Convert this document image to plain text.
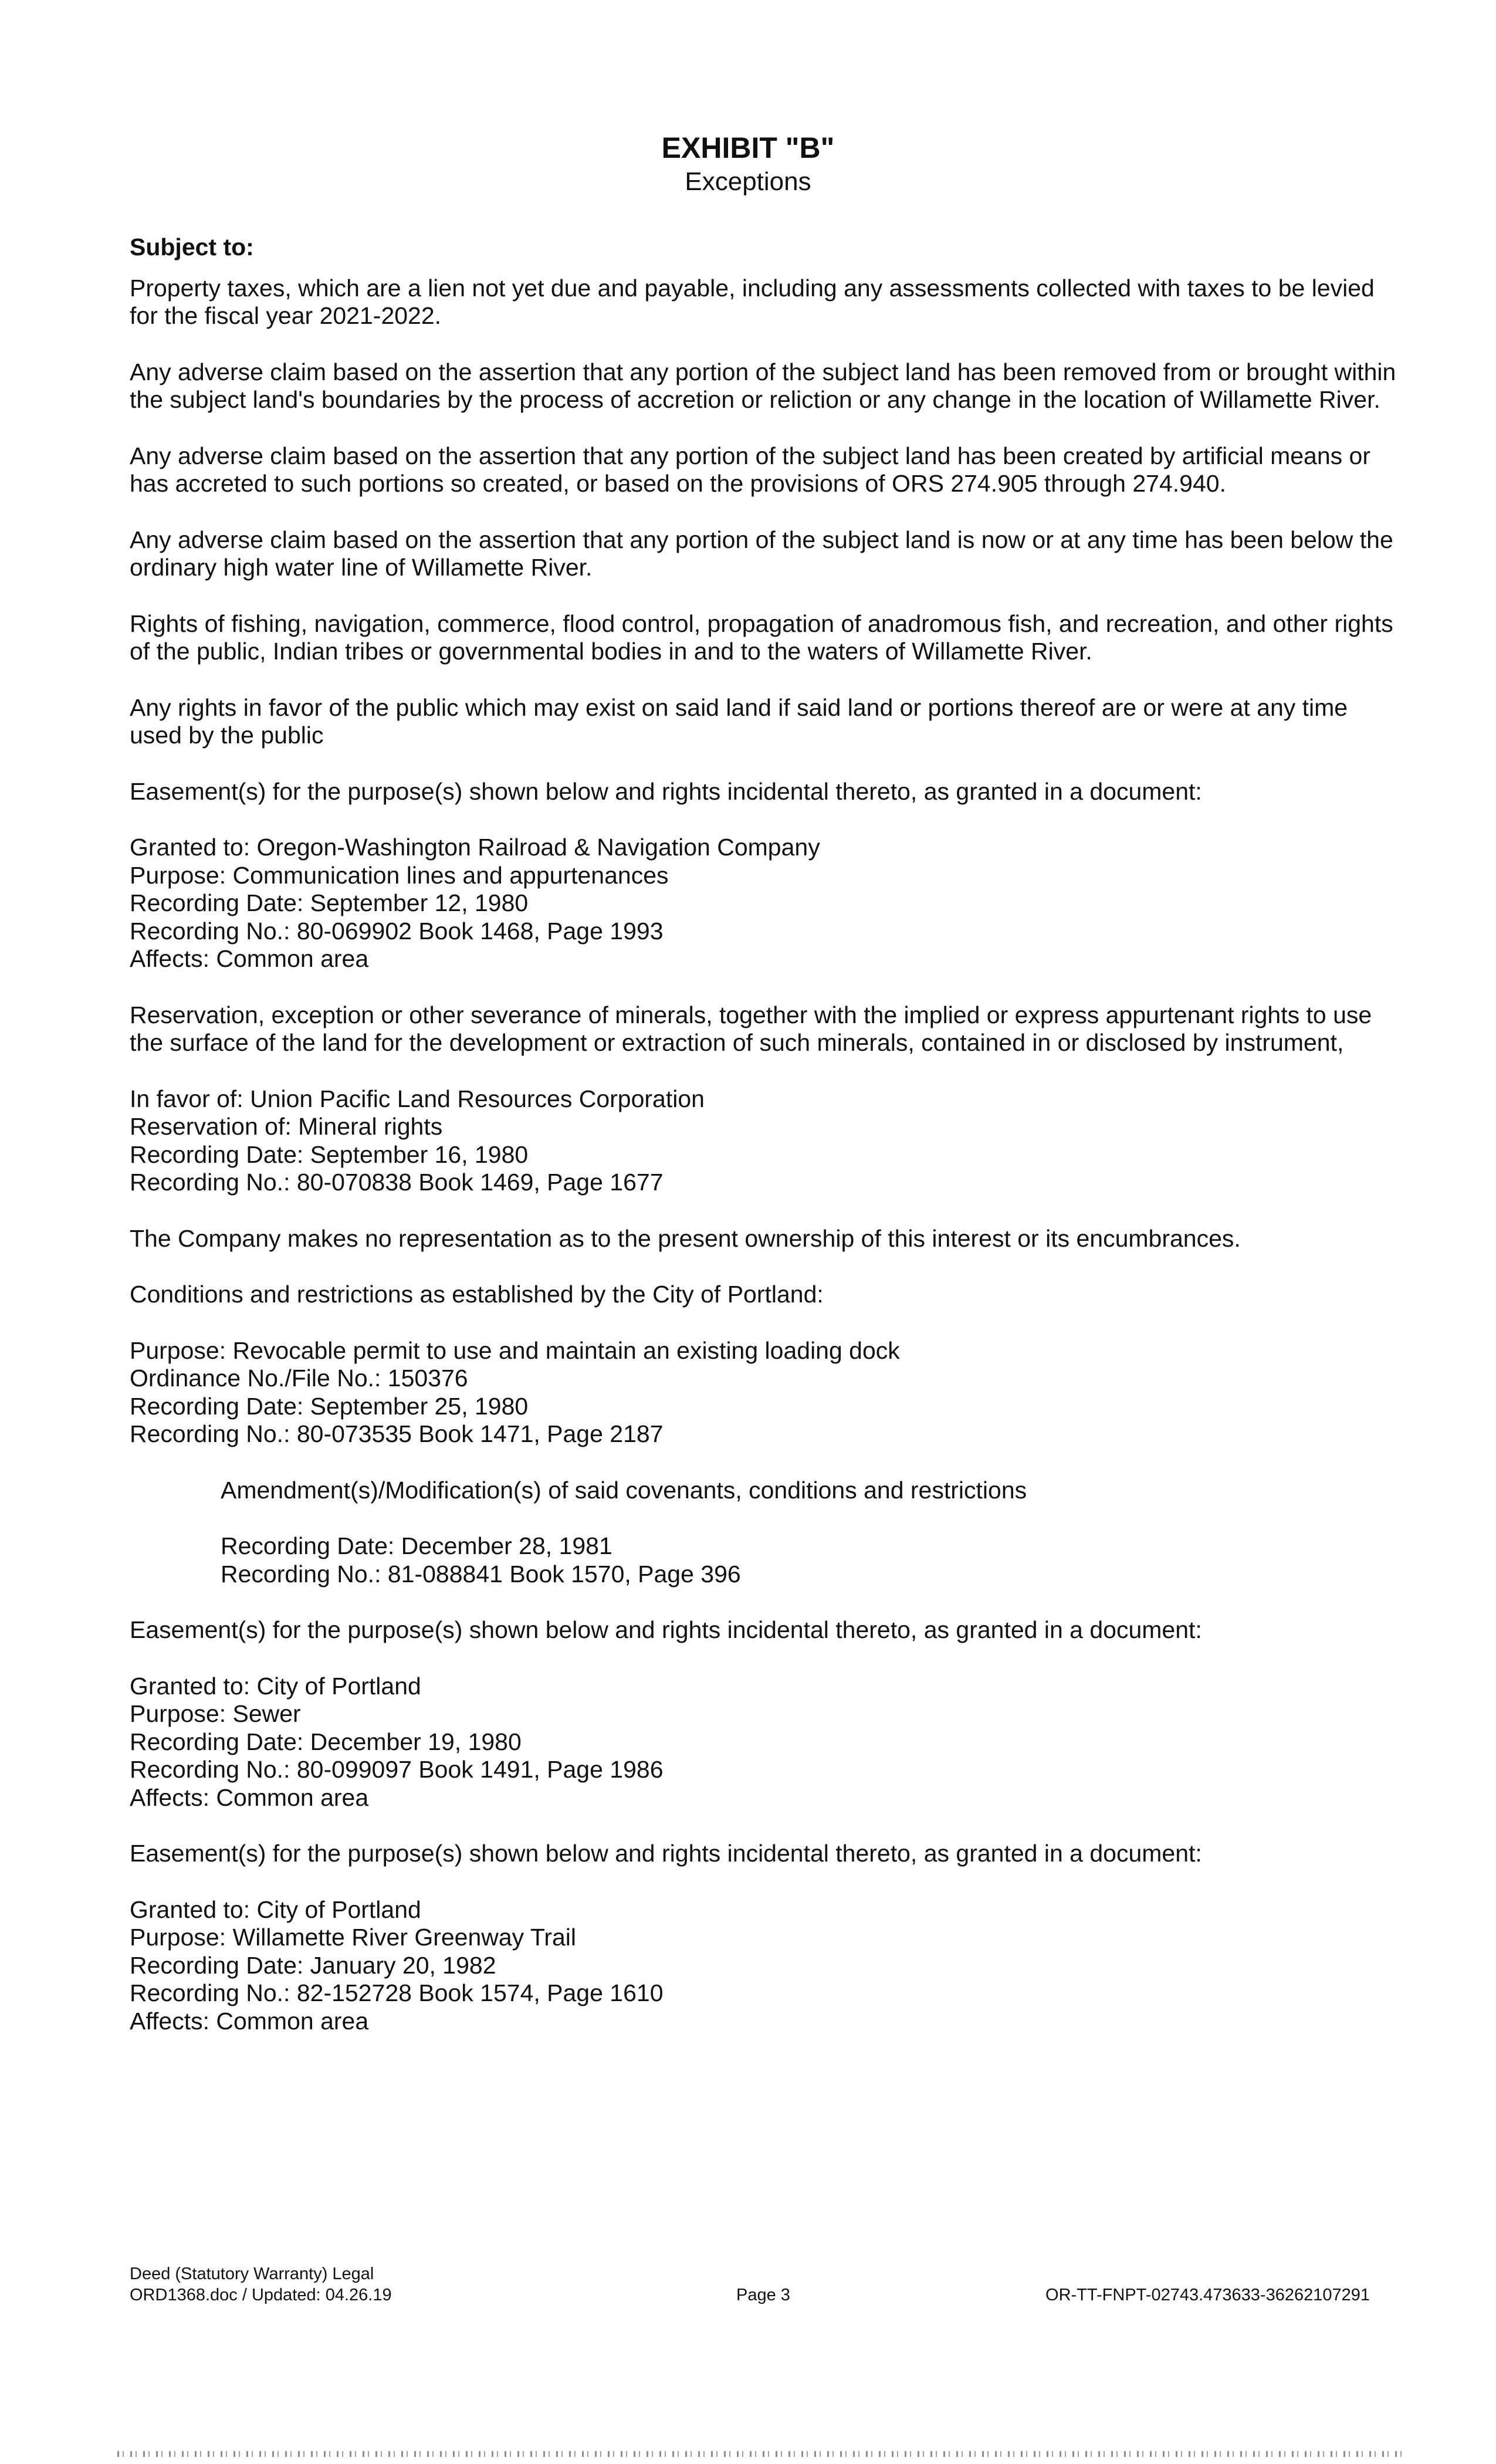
EXHIBIT "B"
Exceptions
Subject to:
Property taxes, which are a lien not yet due and payable, including any assessments collected with taxes to be levied for the fiscal year 2021-2022.
Any adverse claim based on the assertion that any portion of the subject land has been removed from or brought within the subject land's boundaries by the process of accretion or reliction or any change in the location of Willamette River.
Any adverse claim based on the assertion that any portion of the subject land has been created by artificial means or has accreted to such portions so created, or based on the provisions of ORS 274.905 through 274.940.
Any adverse claim based on the assertion that any portion of the subject land is now or at any time has been below the ordinary high water line of Willamette River.
Rights of fishing, navigation, commerce, flood control, propagation of anadromous fish, and recreation, and other rights of the public, Indian tribes or governmental bodies in and to the waters of Willamette River.
Any rights in favor of the public which may exist on said land if said land or portions thereof are or were at any time used by the public
Easement(s) for the purpose(s) shown below and rights incidental thereto, as granted in a document:
Granted to: Oregon-Washington Railroad & Navigation Company
Purpose: Communication lines and appurtenances
Recording Date: September 12, 1980
Recording No.: 80-069902 Book 1468, Page 1993
Affects: Common area
Reservation, exception or other severance of minerals, together with the implied or express appurtenant rights to use the surface of the land for the development or extraction of such minerals, contained in or disclosed by instrument,
In favor of: Union Pacific Land Resources Corporation
Reservation of: Mineral rights
Recording Date: September 16, 1980
Recording No.: 80-070838 Book 1469, Page 1677
The Company makes no representation as to the present ownership of this interest or its encumbrances.
Conditions and restrictions as established by the City of Portland:
Purpose: Revocable permit to use and maintain an existing loading dock
Ordinance No./File No.: 150376
Recording Date: September 25, 1980
Recording No.: 80-073535 Book 1471, Page 2187
Amendment(s)/Modification(s) of said covenants, conditions and restrictions
Recording Date: December 28, 1981
Recording No.: 81-088841 Book 1570, Page 396
Easement(s) for the purpose(s) shown below and rights incidental thereto, as granted in a document:
Granted to: City of Portland
Purpose: Sewer
Recording Date: December 19, 1980
Recording No.: 80-099097 Book 1491, Page 1986
Affects: Common area
Easement(s) for the purpose(s) shown below and rights incidental thereto, as granted in a document:
Granted to: City of Portland
Purpose: Willamette River Greenway Trail
Recording Date: January 20, 1982
Recording No.: 82-152728 Book 1574, Page 1610
Affects: Common area
Deed (Statutory Warranty) Legal
ORD1368.doc / Updated: 04.26.19	Page 3	OR-TT-FNPT-02743.473633-36262107291
